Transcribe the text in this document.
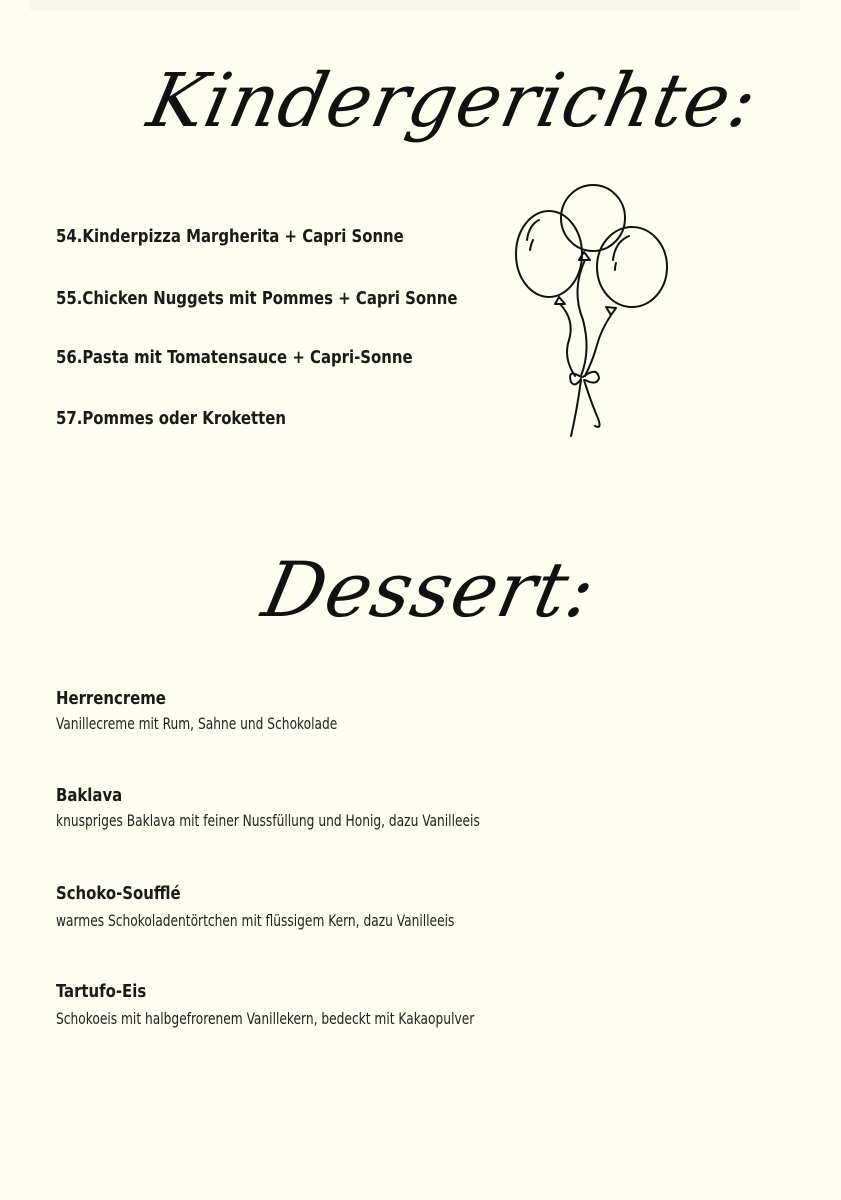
Kindergerichte:
54.Kinderpizza Margherita + Capri Sonne
55.Chicken Nuggets mit Pommes + Capri Sonne
56.Pasta mit Tomatensauce + Capri-Sonne
57.Pommes oder Kroketten
Dessert:
Herrencreme
Vanillecreme mit Rum, Sahne und Schokolade
Baklava
knuspriges Baklava mit feiner Nussfüllung und Honig, dazu Vanilleeis
Schoko-Soufflé
warmes Schokoladentörtchen mit flüssigem Kern, dazu Vanilleeis
Tartufo-Eis
Schokoeis mit halbgefrorenem Vanillekern, bedeckt mit Kakaopulver
